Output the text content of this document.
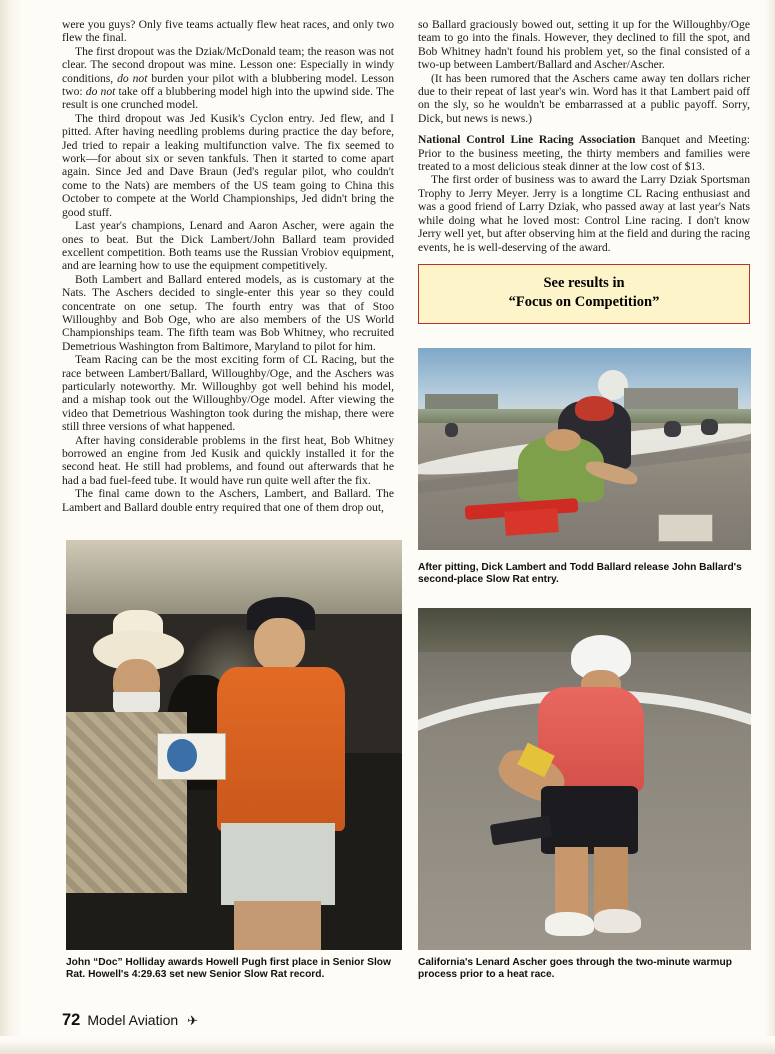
were you guys? Only five teams actually flew heat races, and only two flew the final.

The first dropout was the Dziak/McDonald team; the reason was not clear. The second dropout was mine. Lesson one: Especially in windy conditions, do not burden your pilot with a blubbering model. Lesson two: do not take off a blubbering model high into the upwind side. The result is one crunched model.

The third dropout was Jed Kusik's Cyclon entry. Jed flew, and I pitted. After having needling problems during practice the day before, Jed tried to repair a leaking multifunction valve. The fix seemed to work—for about six or seven tankfuls. Then it started to come apart again. Since Jed and Dave Braun (Jed's regular pilot, who couldn't come to the Nats) are members of the US team going to China this October to compete at the World Championships, Jed didn't bring the good stuff.

Last year's champions, Lenard and Aaron Ascher, were again the ones to beat. But the Dick Lambert/John Ballard team provided excellent competition. Both teams use the Russian Vrobiov equipment, and are learning how to use the equipment competitively.

Both Lambert and Ballard entered models, as is customary at the Nats. The Aschers decided to single-enter this year so they could concentrate on one setup. The fourth entry was that of Stoo Willoughby and Bob Oge, who are also members of the US World Championships team. The fifth team was Bob Whitney, who recruited Demetrious Washington from Baltimore, Maryland to pilot for him.

Team Racing can be the most exciting form of CL Racing, but the race between Lambert/Ballard, Willoughby/Oge, and the Aschers was particularly noteworthy. Mr. Willoughby got well behind his model, and a mishap took out the Willoughby/Oge model. After viewing the video that Demetrious Washington took during the mishap, there were still three versions of what happened.

After having considerable problems in the first heat, Bob Whitney borrowed an engine from Jed Kusik and quickly installed it for the second heat. He still had problems, and found out afterwards that he had a bad fuel-feed tube. It would have run quite well after the fix.

The final came down to the Aschers, Lambert, and Ballard. The Lambert and Ballard double entry required that one of them drop out,

so Ballard graciously bowed out, setting it up for the Willoughby/Oge team to go into the finals. However, they declined to fill the spot, and Bob Whitney hadn't found his problem yet, so the final consisted of a two-up between Lambert/Ballard and Ascher/Ascher.

(It has been rumored that the Aschers came away ten dollars richer due to their repeat of last year's win. Word has it that Lambert paid off on the sly, so he wouldn't be embarrassed at a public payoff. Sorry, Dick, but news is news.)

National Control Line Racing Association Banquet and Meeting: Prior to the business meeting, the thirty members and families were treated to a most delicious steak dinner at the low cost of $13.

The first order of business was to award the Larry Dziak Sportsman Trophy to Jerry Meyer. Jerry is a longtime CL Racing enthusiast and was a good friend of Larry Dziak, who passed away at last year's Nats while doing what he loved most: Control Line racing. I don't know Jerry well yet, but after observing him at the field and during the racing events, he is well-deserving of the award.

See results in
“Focus on Competition”
After pitting, Dick Lambert and Todd Ballard release John Ballard's second-place Slow Rat entry.
John “Doc” Holliday awards Howell Pugh first place in Senior Slow Rat. Howell's 4:29.63 set new Senior Slow Rat record.
California's Lenard Ascher goes through the two-minute warmup process prior to a heat race.
72 Model Aviation ✈
